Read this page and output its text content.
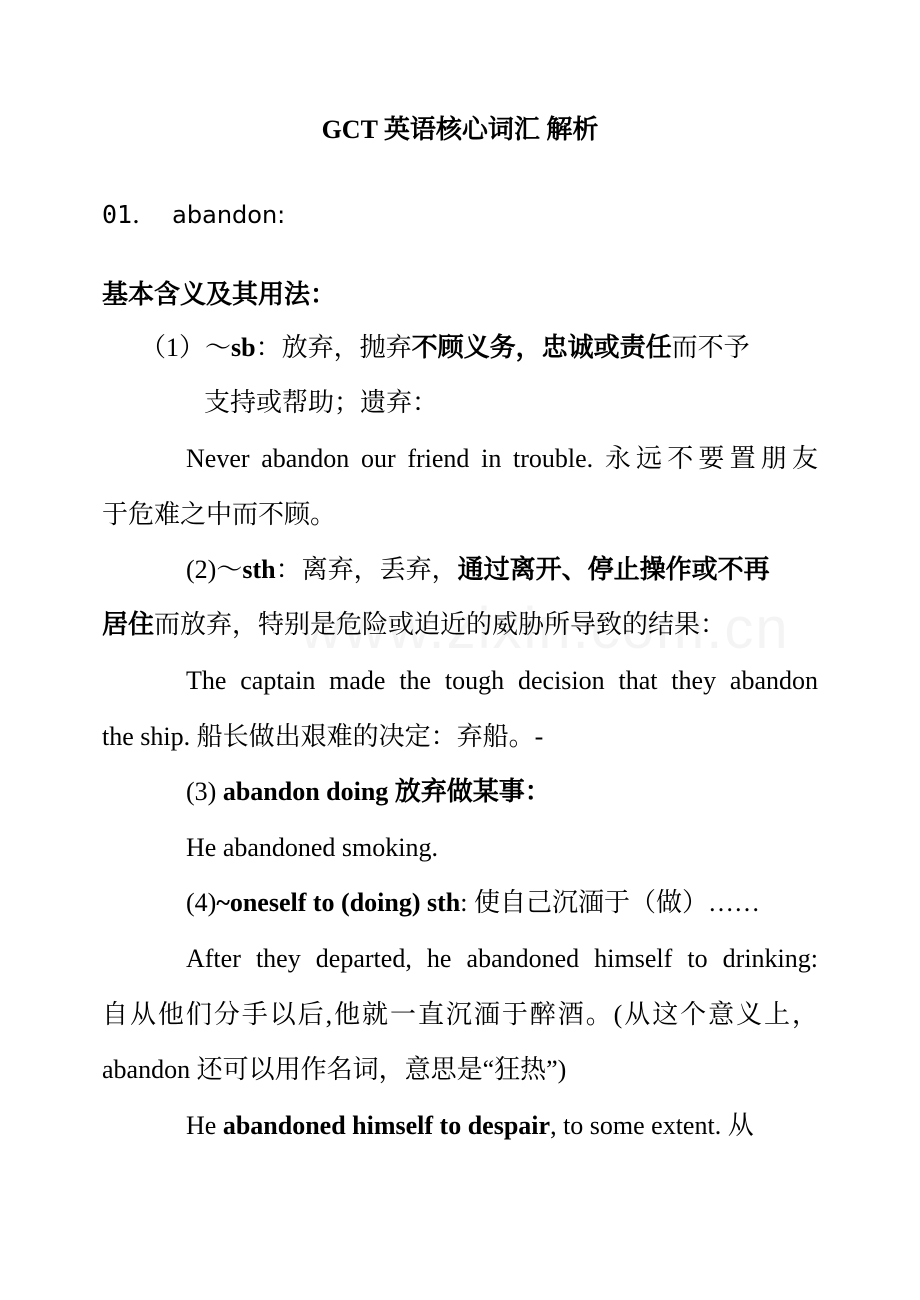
GCT 英语核心词汇 解析
01． abandon:
基本含义及其用法：
（1）～sb：放弃，抛弃不顾义务，忠诚或责任而不予
支持或帮助；遗弃：
Never abandon our friend in trouble. 永远不要置朋友
于危难之中而不顾。
(2)～sth：离弃，丢弃，通过离开、停止操作或不再
居住而放弃，特别是危险或迫近的威胁所导致的结果：
The captain made the tough decision that they abandon
the ship. 船长做出艰难的决定：弃船。-
(3) abandon doing 放弃做某事：
He abandoned smoking.
(4)~oneself to (doing) sth: 使自己沉湎于（做）……
After they departed, he abandoned himself to drinking:
自从他们分手以后,他就一直沉湎于醉酒。(从这个意义上，
abandon 还可以用作名词，意思是“狂热”)
He abandoned himself to despair, to some extent. 从
